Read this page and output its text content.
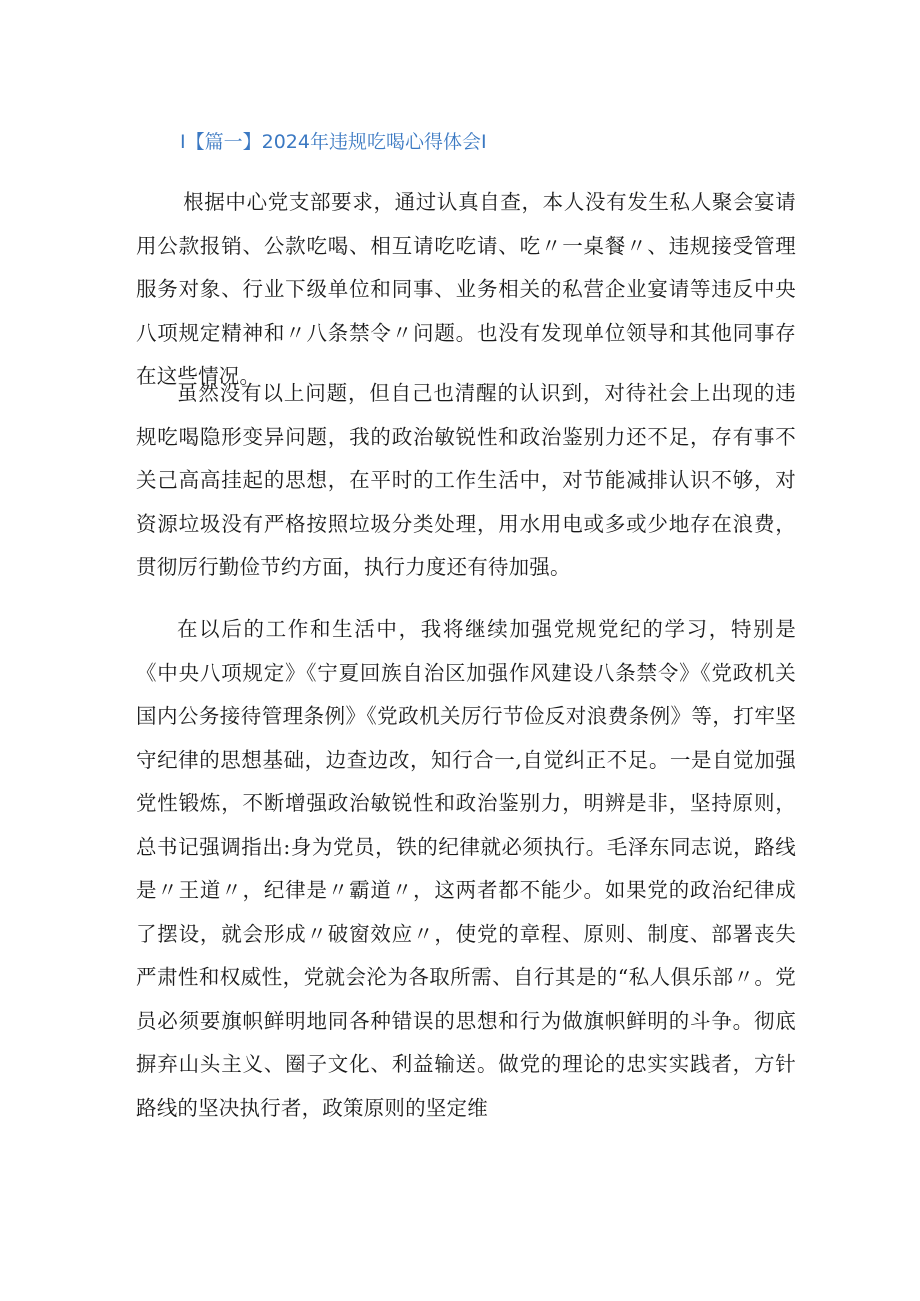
I【篇一】2024年违规吃喝心得体会I

根据中心党支部要求，通过认真自查，本人没有发生私人聚会宴请用公款报销、公款吃喝、相互请吃吃请、吃〃一桌餐〃、违规接受管理服务对象、行业下级单位和同事、业务相关的私营企业宴请等违反中央八项规定精神和〃八条禁令〃问题。也没有发现单位领导和其他同事存在这些情况。

虽然没有以上问题，但自己也清醒的认识到，对待社会上出现的违规吃喝隐形变异问题，我的政治敏锐性和政治鉴别力还不足，存有事不关己高高挂起的思想，在平时的工作生活中，对节能减排认识不够，对资源垃圾没有严格按照垃圾分类处理，用水用电或多或少地存在浪费，贯彻厉行勤俭节约方面，执行力度还有待加强。

在以后的工作和生活中，我将继续加强党规党纪的学习，特别是《中央八项规定》《宁夏回族自治区加强作风建设八条禁令》《党政机关国内公务接待管理条例》《党政机关厉行节俭反对浪费条例》等，打牢坚守纪律的思想基础，边查边改，知行合一,自觉纠正不足。一是自觉加强党性锻炼，不断增强政治敏锐性和政治鉴别力，明辨是非，坚持原则，总书记强调指出:身为党员，铁的纪律就必须执行。毛泽东同志说，路线是〃王道〃，纪律是〃霸道〃，这两者都不能少。如果党的政治纪律成了摆设，就会形成〃破窗效应〃，使党的章程、原则、制度、部署丧失严肃性和权威性，党就会沦为各取所需、自行其是的“私人俱乐部〃。党员必须要旗帜鲜明地同各种错误的思想和行为做旗帜鲜明的斗争。彻底摒弃山头主义、圈子文化、利益输送。做党的理论的忠实实践者，方针路线的坚决执行者，政策原则的坚定维
